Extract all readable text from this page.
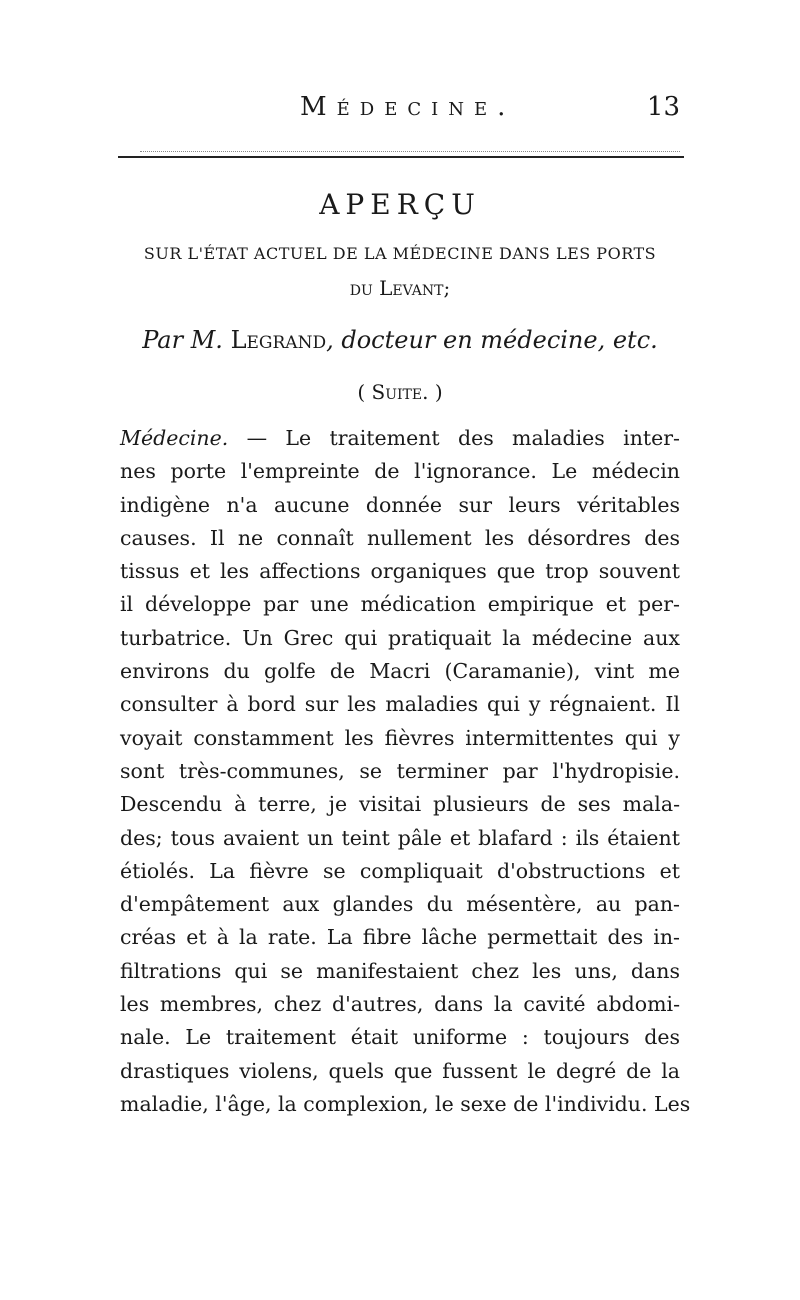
Médecine.	13
APERÇU
SUR L'ÉTAT ACTUEL DE LA MÉDECINE DANS LES PORTS
du Levant;
Par M. Legrand, docteur en médecine, etc.
( Suite. )
Médecine. — Le traitement des maladies inter-
nes porte l'empreinte de l'ignorance. Le médecin
indigène n'a aucune donnée sur leurs véritables
causes. Il ne connaît nullement les désordres des
tissus et les affections organiques que trop souvent
il développe par une médication empirique et per-
turbatrice. Un Grec qui pratiquait la médecine aux
environs du golfe de Macri (Caramanie), vint me
consulter à bord sur les maladies qui y régnaient. Il
voyait constamment les fièvres intermittentes qui y
sont très-communes, se terminer par l'hydropisie.
Descendu à terre, je visitai plusieurs de ses mala-
des; tous avaient un teint pâle et blafard : ils étaient
étiolés. La fièvre se compliquait d'obstructions et
d'empâtement aux glandes du mésentère, au pan-
créas et à la rate. La fibre lâche permettait des in-
filtrations qui se manifestaient chez les uns, dans
les membres, chez d'autres, dans la cavité abdomi-
nale. Le traitement était uniforme : toujours des
drastiques violens, quels que fussent le degré de la
maladie, l'âge, la complexion, le sexe de l'individu. Les
